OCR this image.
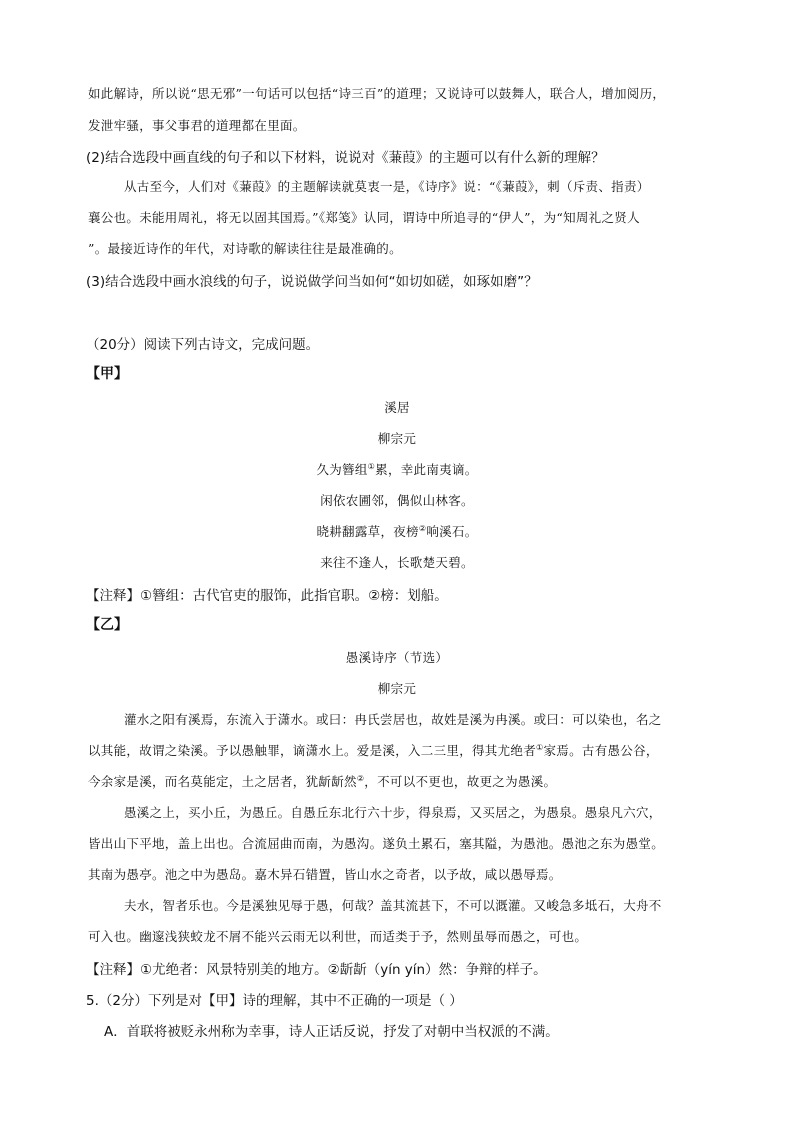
如此解诗，所以说“思无邪”一句话可以包括“诗三百”的道理；又说诗可以鼓舞人，联合人，增加阅历，
发泄牢骚，事父事君的道理都在里面。
(2)结合选段中画直线的句子和以下材料，说说对《蒹葭》的主题可以有什么新的理解？
从古至今，人们对《蒹葭》的主题解读就莫衷一是，《诗序》说：“《蒹葭》，刺（斥责、指责）
襄公也。未能用周礼，将无以固其国焉。”《郑笺》认同，谓诗中所追寻的“伊人”，为“知周礼之贤人
”。最接近诗作的年代，对诗歌的解读往往是最准确的。
(3)结合选段中画水浪线的句子，说说做学问当如何“如切如磋，如琢如磨”？
（20分）阅读下列古诗文，完成问题。
【甲】
溪居
柳宗元
久为簪组①累，幸此南夷谪。
闲依农圃邻，偶似山林客。
晓耕翻露草，夜榜②响溪石。
来往不逢人，长歌楚天碧。
【注释】①簪组：古代官吏的服饰，此指官职。②榜：划船。
【乙】
愚溪诗序（节选）
柳宗元
灌水之阳有溪焉，东流入于潇水。或曰：冉氏尝居也，故姓是溪为冉溪。或曰：可以染也，名之
以其能，故谓之染溪。予以愚触罪，谪潇水上。爱是溪，入二三里，得其尤绝者①家焉。古有愚公谷，
今余家是溪，而名莫能定，土之居者，犹龂龂然②，不可以不更也，故更之为愚溪。
愚溪之上，买小丘，为愚丘。自愚丘东北行六十步，得泉焉，又买居之，为愚泉。愚泉凡六穴，
皆出山下平地，盖上出也。合流屈曲而南，为愚沟。遂负土累石，塞其隘，为愚池。愚池之东为愚堂。
其南为愚亭。池之中为愚岛。嘉木异石错置，皆山水之奇者，以予故，咸以愚辱焉。
夫水，智者乐也。今是溪独见辱于愚，何哉？盖其流甚下，不可以溉灌。又峻急多坻石，大舟不
可入也。幽邃浅狭蛟龙不屑不能兴云雨无以利世，而适类于予，然则虽辱而愚之，可也。
【注释】①尤绝者：风景特别美的地方。②龂龂（yín yín）然：争辩的样子。
5.（2分）下列是对【甲】诗的理解，其中不正确的一项是（ ）
A．首联将被贬永州称为幸事，诗人正话反说，抒发了对朝中当权派的不满。
